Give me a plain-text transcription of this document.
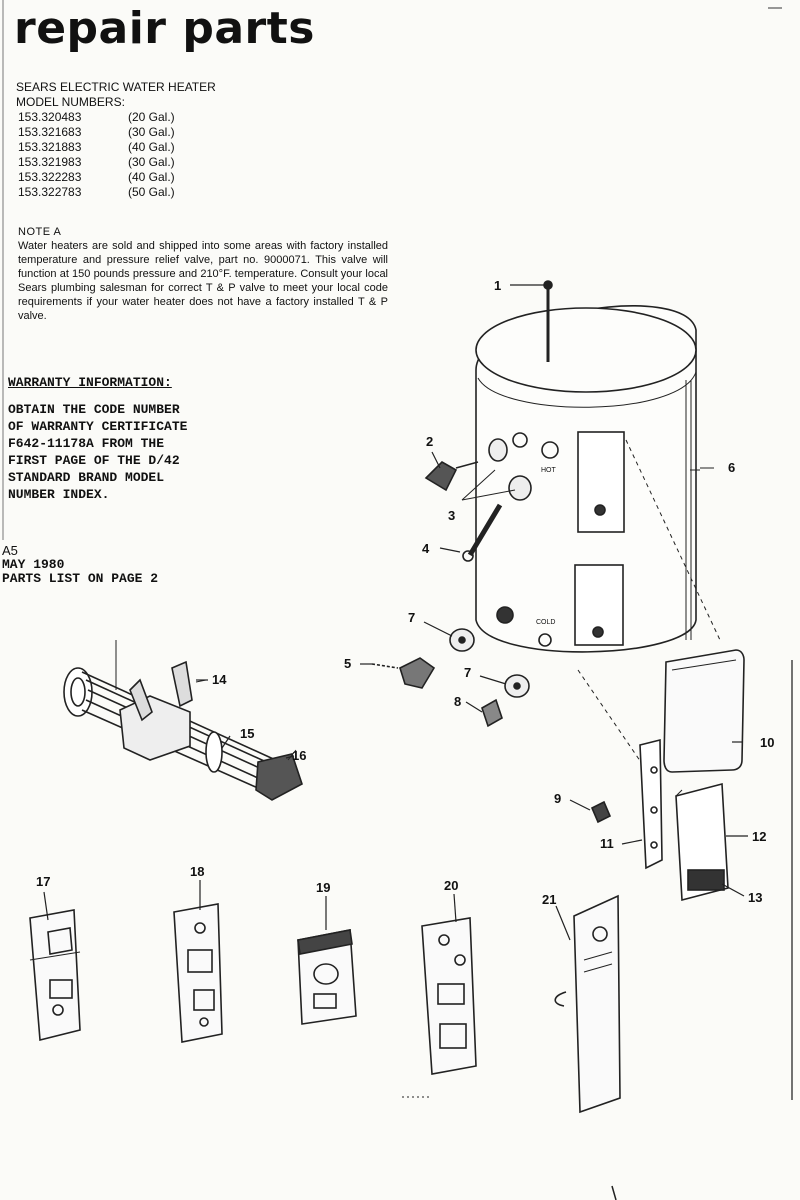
repair parts
SEARS ELECTRIC WATER HEATER
MODEL NUMBERS:
153.320483	(20 Gal.)
153.321683	(30 Gal.)
153.321883	(40 Gal.)
153.321983	(30 Gal.)
153.322283	(40 Gal.)
153.322783	(50 Gal.)
NOTE A
Water heaters are sold and shipped into some areas with factory installed temperature and pressure relief valve, part no. 9000071. This valve will function at 150 pounds pressure and 210°F. temperature. Consult your local Sears plumbing salesman for correct T & P valve to meet your local code requirements if your water heater does not have a factory installed T & P valve.
WARRANTY INFORMATION:
OBTAIN THE CODE NUMBER
OF WARRANTY CERTIFICATE
F642-11178A FROM THE
FIRST PAGE OF THE D/42
STANDARD BRAND MODEL
NUMBER INDEX.
A5
MAY 1980
PARTS LIST ON PAGE 2
1
2
3
4
5
6
7
7
8
9
10
11	12
13
14
15
16
17
18
19	20
21
HOT
COLD
